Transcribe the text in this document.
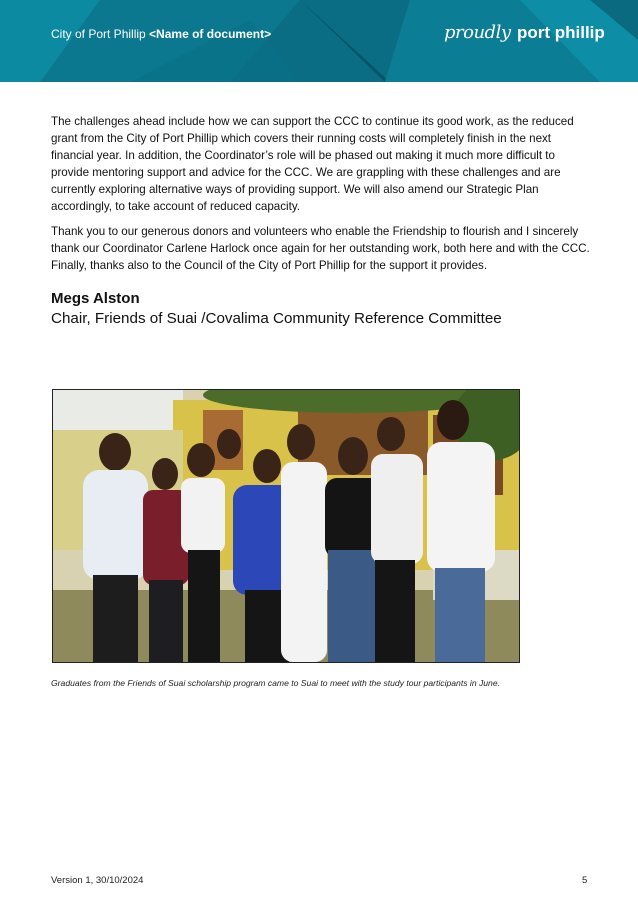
City of Port Phillip <Name of document>	proudly port phillip

The challenges ahead include how we can support the CCC to continue its good work, as the reduced grant from the City of Port Phillip which covers their running costs will completely finish in the next financial year. In addition, the Coordinator’s role will be phased out making it much more difficult to provide mentoring support and advice for the CCC. We are grappling with these challenges and are currently exploring alternative ways of providing support. We will also amend our Strategic Plan accordingly, to take account of reduced capacity.

Thank you to our generous donors and volunteers who enable the Friendship to flourish and I sincerely thank our Coordinator Carlene Harlock once again for her outstanding work, both here and with the CCC. Finally, thanks also to the Council of the City of Port Phillip for the support it provides.

Megs Alston
Chair, Friends of Suai /Covalima Community Reference Committee
Graduates from the Friends of Suai scholarship program came to Suai to meet with the study tour participants in June.
Version 1, 30/10/2024	5
